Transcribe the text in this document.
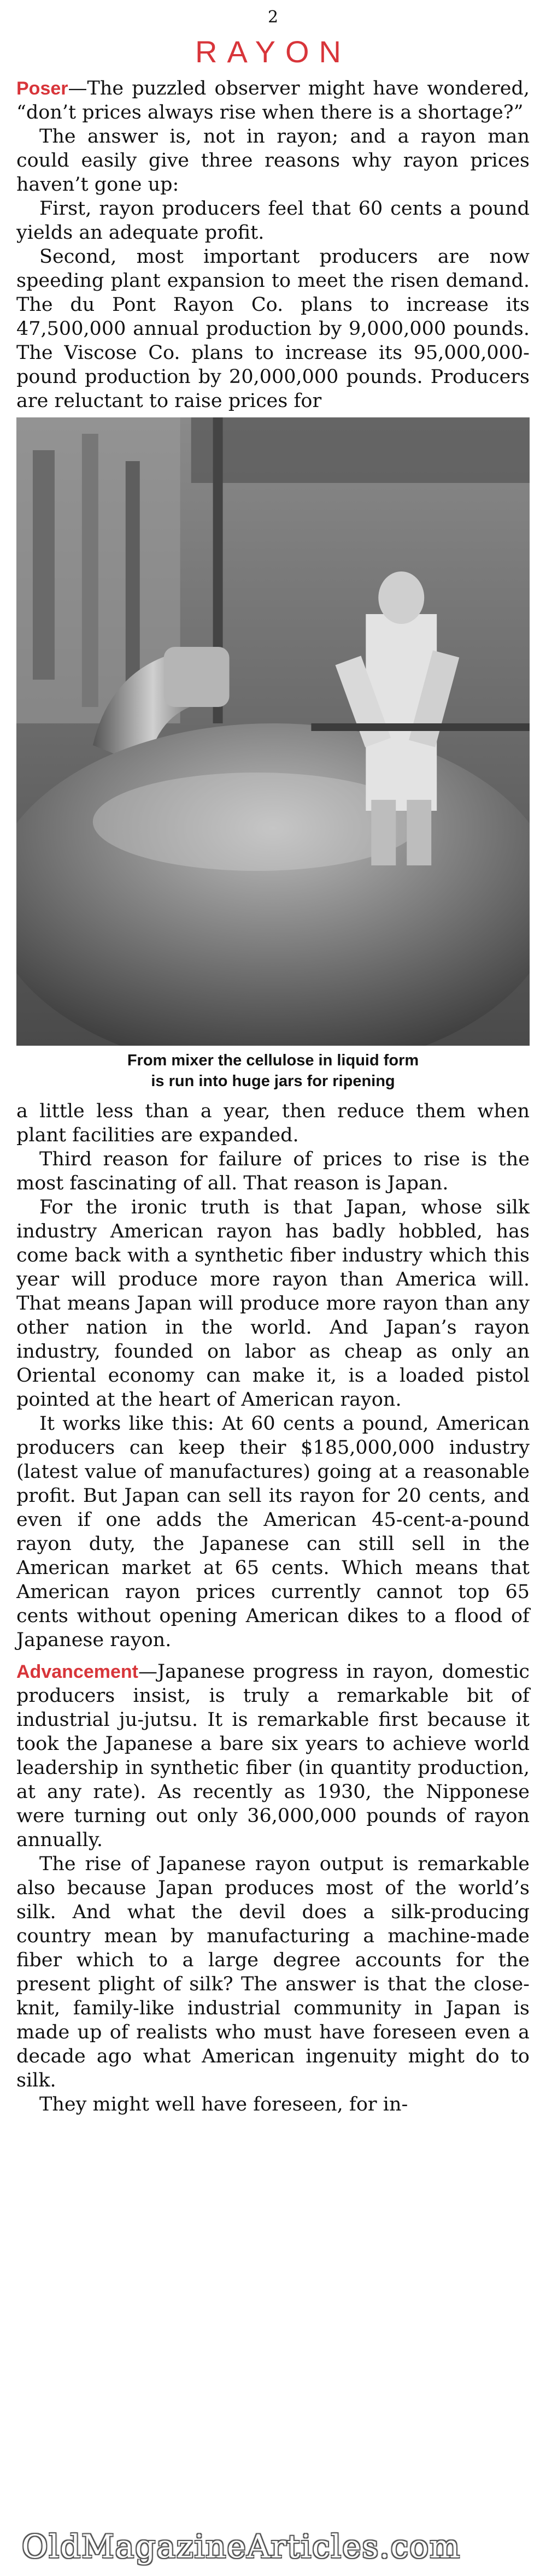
2
RAYON

Poser—The puzzled observer might have wondered, “don’t prices always rise when there is a shortage?”

The answer is, not in rayon; and a rayon man could easily give three reasons why rayon prices haven’t gone up:

First, rayon producers feel that 60 cents a pound yields an adequate profit.

Second, most important producers are now speeding plant expansion to meet the risen demand. The du Pont Rayon Co. plans to increase its 47,500,000 annual production by 9,000,000 pounds. The Viscose Co. plans to increase its 95,000,000-pound production by 20,000,000 pounds. Producers are reluctant to raise prices for

From mixer the cellulose in liquid form
is run into huge jars for ripening

a little less than a year, then reduce them when plant facilities are expanded.

Third reason for failure of prices to rise is the most fascinating of all. That reason is Japan.

For the ironic truth is that Japan, whose silk industry American rayon has badly hobbled, has come back with a synthetic fiber industry which this year will produce more rayon than America will. That means Japan will produce more rayon than any other nation in the world. And Japan’s rayon industry, founded on labor as cheap as only an Oriental economy can make it, is a loaded pistol pointed at the heart of American rayon.

It works like this: At 60 cents a pound, American producers can keep their $185,000,000 industry (latest value of manufactures) going at a reasonable profit. But Japan can sell its rayon for 20 cents, and even if one adds the American 45-cent-a-pound rayon duty, the Japanese can still sell in the American market at 65 cents. Which means that American rayon prices currently cannot top 65 cents without opening American dikes to a flood of Japanese rayon.

Advancement—Japanese progress in rayon, domestic producers insist, is truly a remarkable bit of industrial ju-jutsu. It is remarkable first because it took the Japanese a bare six years to achieve world leadership in synthetic fiber (in quantity production, at any rate). As recently as 1930, the Nipponese were turning out only 36,000,000 pounds of rayon annually.

The rise of Japanese rayon output is remarkable also because Japan produces most of the world’s silk. And what the devil does a silk-producing country mean by manufacturing a machine-made fiber which to a large degree accounts for the present plight of silk? The answer is that the close-knit, family-like industrial community in Japan is made up of realists who must have foreseen even a decade ago what American ingenuity might do to silk.

They might well have foreseen, for in-

OldMagazineArticles.com
